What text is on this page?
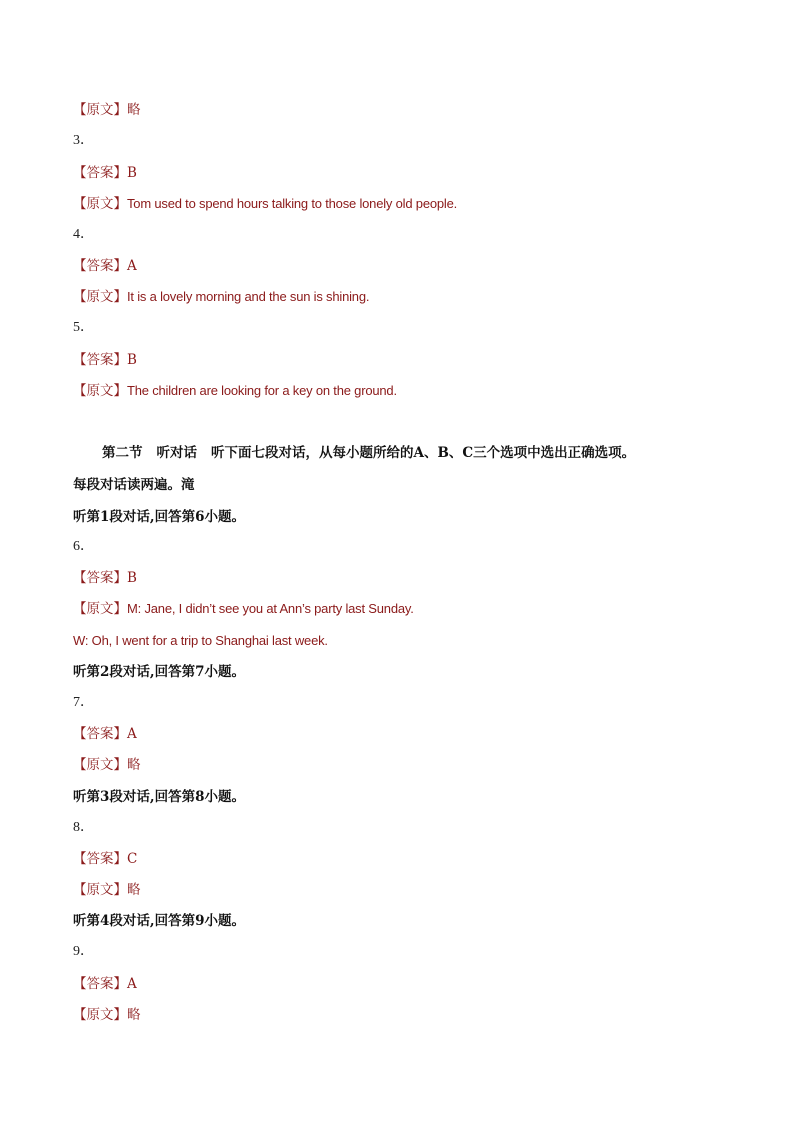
【原文】略
3．
【答案】B
【原文】Tom used to spend hours talking to those lonely old people.
4．
【答案】A
【原文】It is a lovely morning and the sun is shining.
5．
【答案】B
【原文】The children are looking for a key on the ground.
第二节 听对话 听下面七段对话，从每小题所给的A、B、C三个选项中选出正确选项。
每段对话读两遍。滝
听第1段对话,回答第6小题。
6．
【答案】B
【原文】M: Jane, I didn’t see you at Ann’s party last Sunday.
W: Oh, I went for a trip to Shanghai last week.
听第2段对话,回答第7小题。
7．
【答案】A
【原文】略
听第3段对话,回答第8小题。
8．
【答案】C
【原文】略
听第4段对话,回答第9小题。
9．
【答案】A
【原文】略
